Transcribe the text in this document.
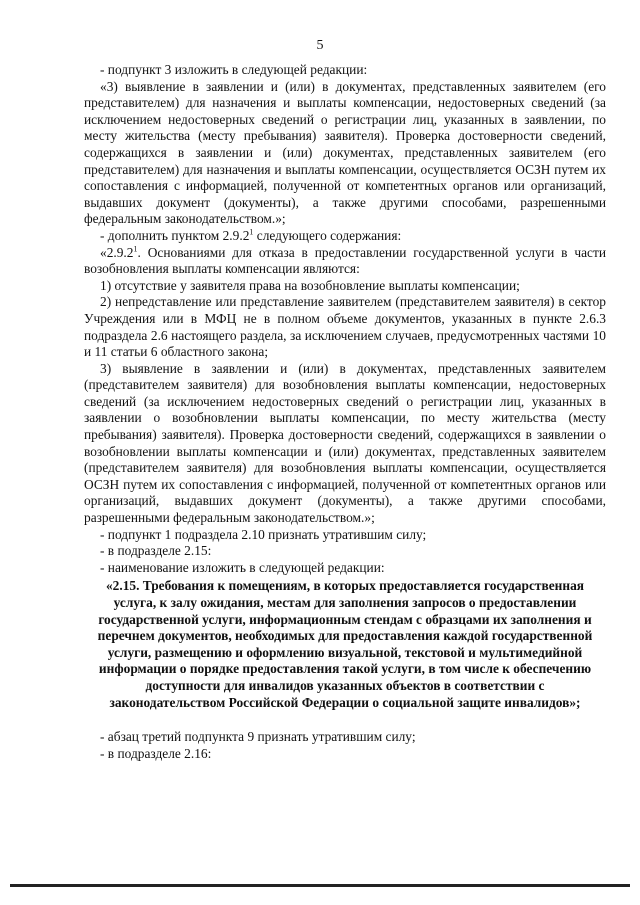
5

- подпункт 3 изложить в следующей редакции:

«3) выявление в заявлении и (или) в документах, представленных заявителем (его представителем) для назначения и выплаты компенсации, недостоверных сведений (за исключением недостоверных сведений о регистрации лиц, указанных в заявлении, по месту жительства (месту пребывания) заявителя). Проверка достоверности сведений, содержащихся в заявлении и (или) документах, представленных заявителем (его представителем) для назначения и выплаты компенсации, осуществляется ОСЗН путем их сопоставления с информацией, полученной от компетентных органов или организаций, выдавших документ (документы), а также другими способами, разрешенными федеральным законодательством.»;

- дополнить пунктом 2.9.2$^1$ следующего содержания:

«2.9.2$^1$. Основаниями для отказа в предоставлении государственной услуги в части возобновления выплаты компенсации являются:

1) отсутствие у заявителя права на возобновление выплаты компенсации;

2) непредставление или представление заявителем (представителем заявителя) в сектор Учреждения или в МФЦ не в полном объеме документов, указанных в пункте 2.6.3 подраздела 2.6 настоящего раздела, за исключением случаев, предусмотренных частями 10 и 11 статьи 6 областного закона;

3) выявление в заявлении и (или) в документах, представленных заявителем (представителем заявителя) для возобновления выплаты компенсации, недостоверных сведений (за исключением недостоверных сведений о регистрации лиц, указанных в заявлении о возобновлении выплаты компенсации, по месту жительства (месту пребывания) заявителя). Проверка достоверности сведений, содержащихся в заявлении о возобновлении выплаты компенсации и (или) документах, представленных заявителем (представителем заявителя) для возобновления выплаты компенсации, осуществляется ОСЗН путем их сопоставления с информацией, полученной от компетентных органов или организаций, выдавших документ (документы), а также другими способами, разрешенными федеральным законодательством.»;

- подпункт 1 подраздела 2.10 признать утратившим силу;

- в подразделе 2.15:

- наименование изложить в следующей редакции:

«2.15. Требования к помещениям, в которых предоставляется государственная услуга, к залу ожидания, местам для заполнения запросов о предоставлении государственной услуги, информационным стендам с образцами их заполнения и перечнем документов, необходимых для предоставления каждой государственной услуги, размещению и оформлению визуальной, текстовой и мультимедийной информации о порядке предоставления такой услуги, в том числе к обеспечению доступности для инвалидов указанных объектов в соответствии с законодательством Российской Федерации о социальной защите инвалидов»;

- абзац третий подпункта 9 признать утратившим силу;

- в подразделе 2.16:
